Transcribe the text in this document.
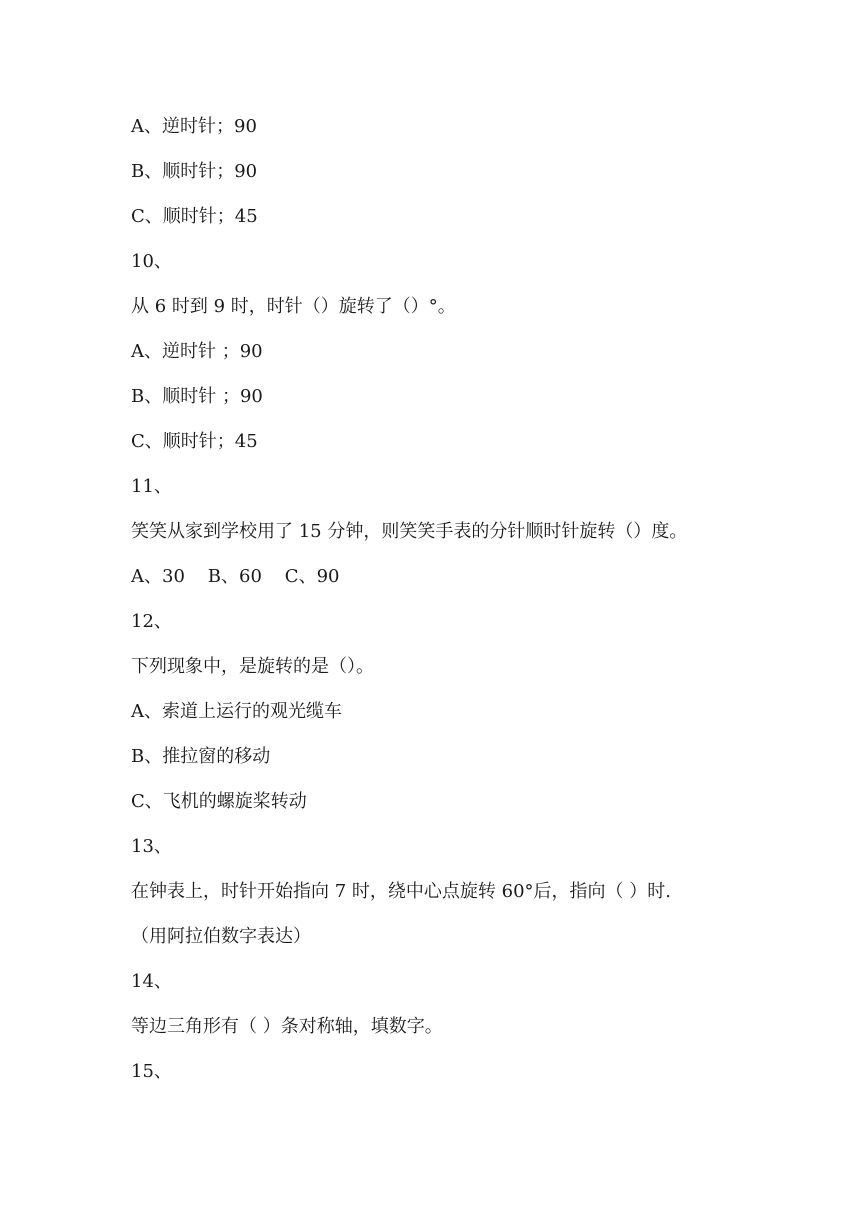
A、逆时针；90
B、顺时针；90
C、顺时针；45
10、
从 6 时到 9 时，时针（）旋转了（）°。
A、逆时针 ；90
B、顺时针 ；90
C、顺时针；45
11、
笑笑从家到学校用了 15 分钟，则笑笑手表的分针顺时针旋转（）度。
A、30    B、60    C、90
12、
下列现象中，是旋转的是（）。
A、索道上运行的观光缆车
B、推拉窗的移动
C、飞机的螺旋桨转动
13、
在钟表上，时针开始指向 7 时，绕中心点旋转 60°后，指向（ ）时.
（用阿拉伯数字表达）
14、
等边三角形有（ ）条对称轴，填数字。
15、
